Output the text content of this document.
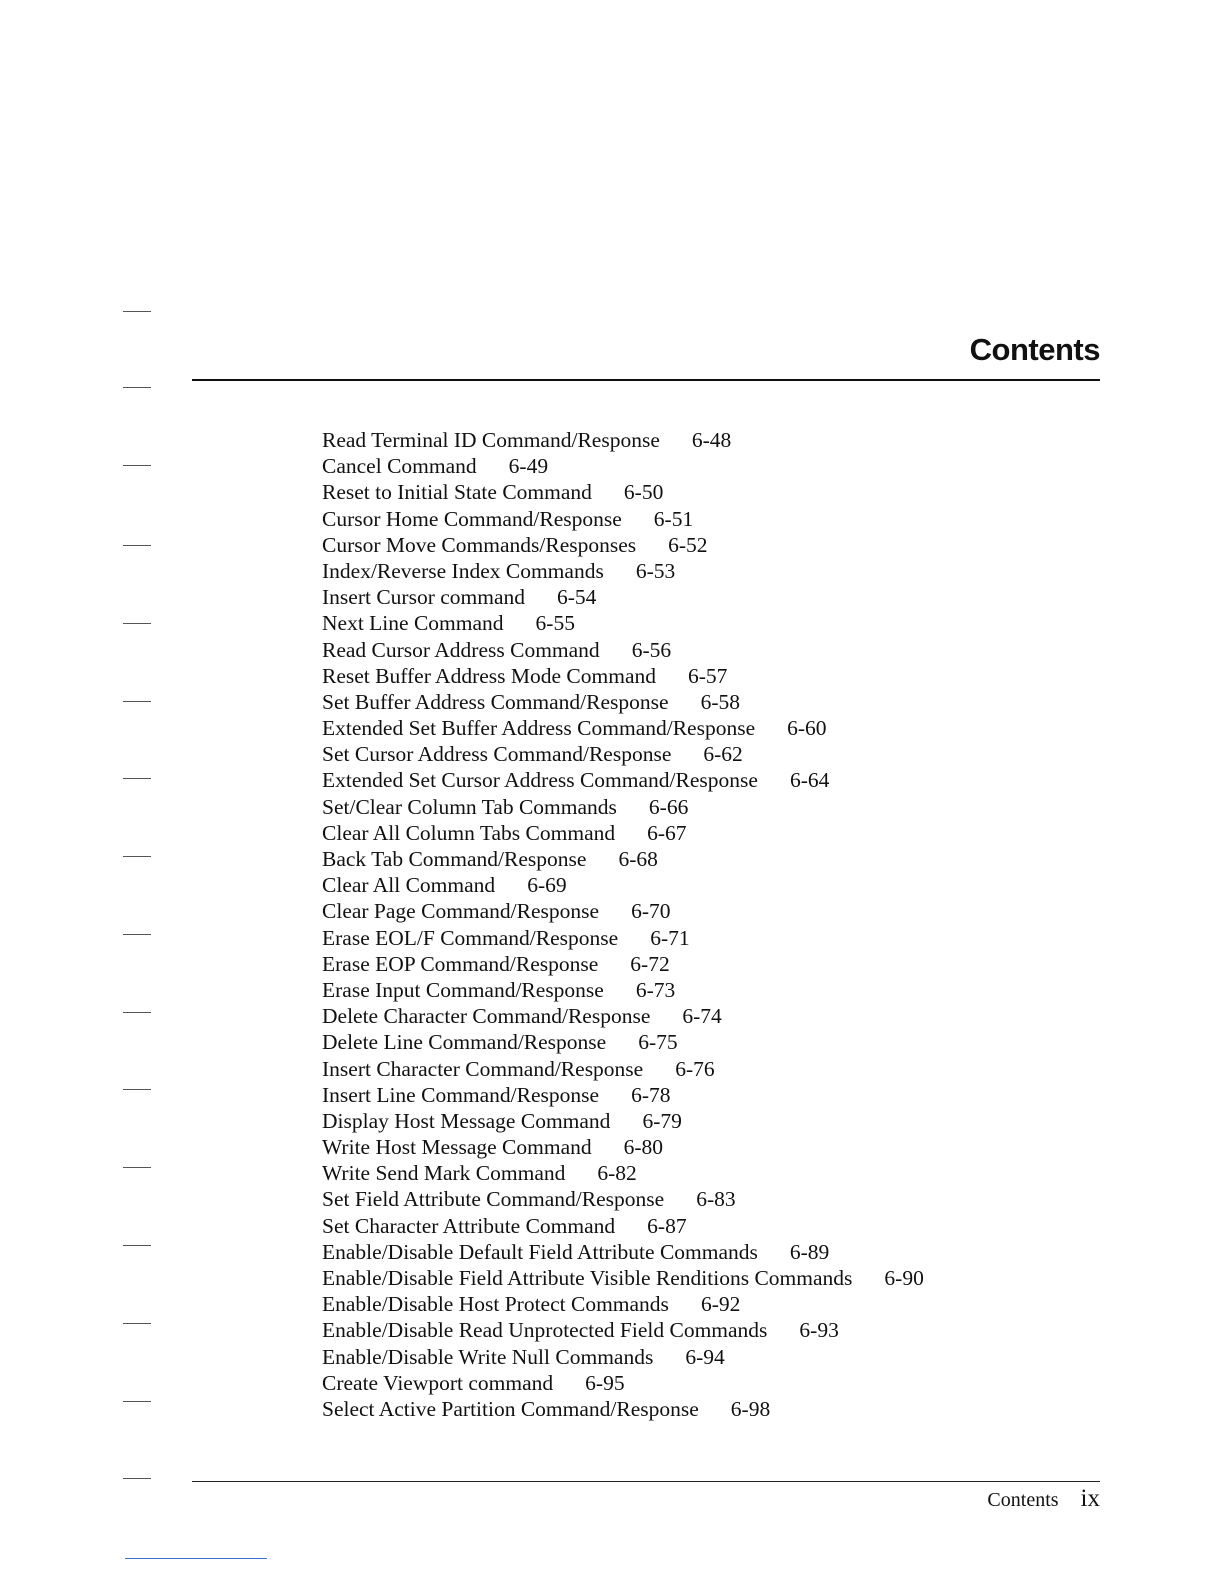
Contents
Read Terminal ID Command/Response 6-48
Cancel Command 6-49
Reset to Initial State Command 6-50
Cursor Home Command/Response 6-51
Cursor Move Commands/Responses 6-52
Index/Reverse Index Commands 6-53
Insert Cursor command 6-54
Next Line Command 6-55
Read Cursor Address Command 6-56
Reset Buffer Address Mode Command 6-57
Set Buffer Address Command/Response 6-58
Extended Set Buffer Address Command/Response 6-60
Set Cursor Address Command/Response 6-62
Extended Set Cursor Address Command/Response 6-64
Set/Clear Column Tab Commands 6-66
Clear All Column Tabs Command 6-67
Back Tab Command/Response 6-68
Clear All Command 6-69
Clear Page Command/Response 6-70
Erase EOL/F Command/Response 6-71
Erase EOP Command/Response 6-72
Erase Input Command/Response 6-73
Delete Character Command/Response 6-74
Delete Line Command/Response 6-75
Insert Character Command/Response 6-76
Insert Line Command/Response 6-78
Display Host Message Command 6-79
Write Host Message Command 6-80
Write Send Mark Command 6-82
Set Field Attribute Command/Response 6-83
Set Character Attribute Command 6-87
Enable/Disable Default Field Attribute Commands 6-89
Enable/Disable Field Attribute Visible Renditions Commands 6-90
Enable/Disable Host Protect Commands 6-92
Enable/Disable Read Unprotected Field Commands 6-93
Enable/Disable Write Null Commands 6-94
Create Viewport command 6-95
Select Active Partition Command/Response 6-98
Contents ix
